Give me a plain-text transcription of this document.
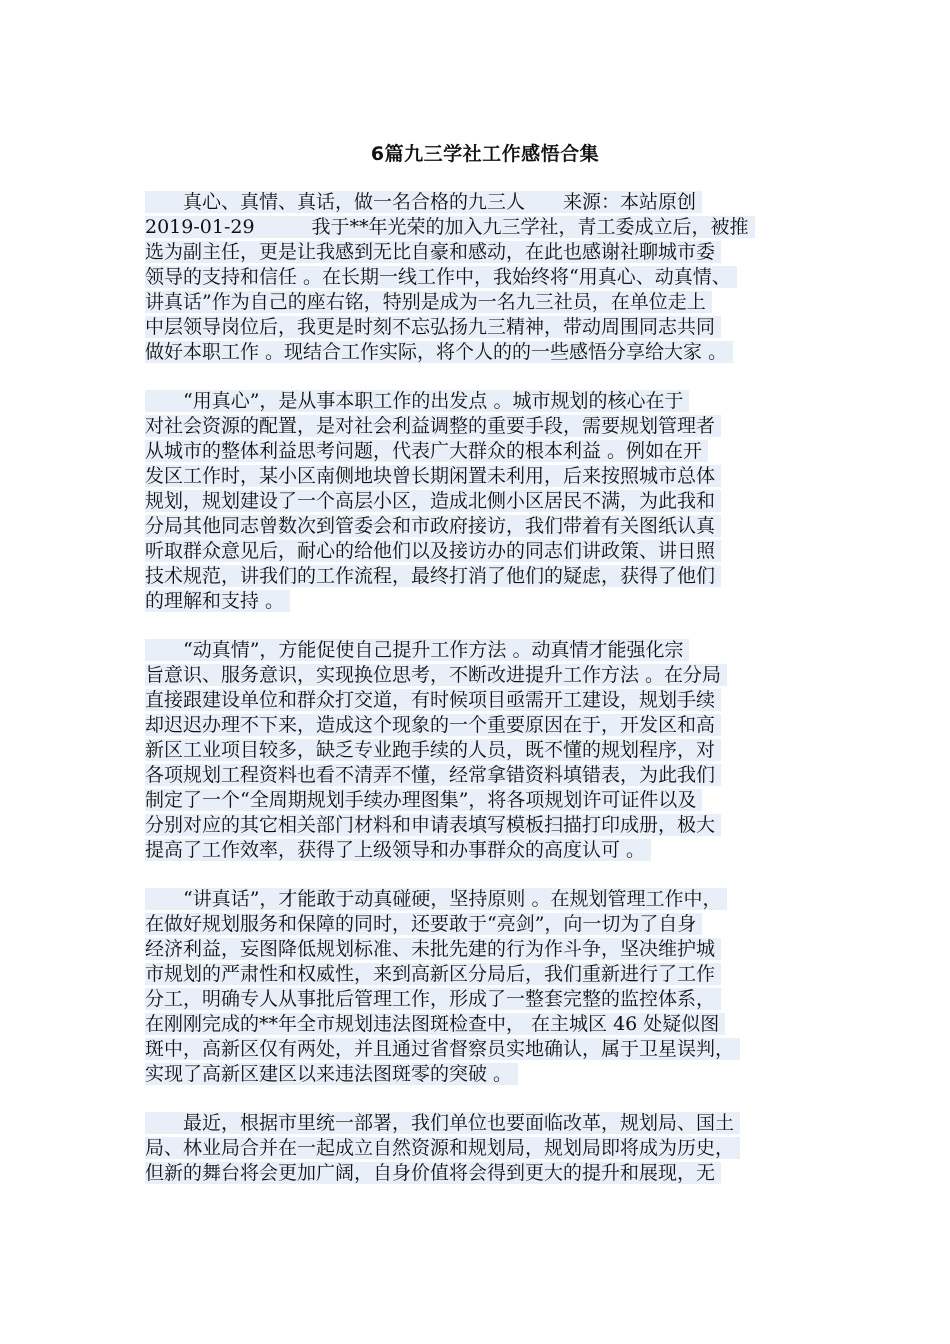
6篇九三学社工作感悟合集
　　真心、真情、真话，做一名合格的九三人　　来源：本站原创
2019-01-29　　　我于**年光荣的加入九三学社，青工委成立后，被推
选为副主任，更是让我感到无比自豪和感动，在此也感谢社聊城市委
领导的支持和信任 。在长期一线工作中，我始终将“用真心、动真情、
讲真话”作为自己的座右铭，特别是成为一名九三社员，在单位走上
中层领导岗位后，我更是时刻不忘弘扬九三精神，带动周围同志共同
做好本职工作 。现结合工作实际，将个人的的一些感悟分享给大家 。
　　“用真心”，是从事本职工作的出发点 。城市规划的核心在于
对社会资源的配置，是对社会利益调整的重要手段，需要规划管理者
从城市的整体利益思考问题，代表广大群众的根本利益 。例如在开
发区工作时，某小区南侧地块曾长期闲置未利用，后来按照城市总体
规划，规划建设了一个高层小区，造成北侧小区居民不满，为此我和
分局其他同志曾数次到管委会和市政府接访，我们带着有关图纸认真
听取群众意见后，耐心的给他们以及接访办的同志们讲政策、讲日照
技术规范，讲我们的工作流程，最终打消了他们的疑虑，获得了他们
的理解和支持 。
　　“动真情”，方能促使自己提升工作方法 。动真情才能强化宗
旨意识、服务意识，实现换位思考，不断改进提升工作方法 。在分局
直接跟建设单位和群众打交道，有时候项目亟需开工建设，规划手续
却迟迟办理不下来，造成这个现象的一个重要原因在于，开发区和高
新区工业项目较多，缺乏专业跑手续的人员，既不懂的规划程序，对
各项规划工程资料也看不清弄不懂，经常拿错资料填错表，为此我们
制定了一个“全周期规划手续办理图集”，将各项规划许可证件以及
分别对应的其它相关部门材料和申请表填写模板扫描打印成册，极大
提高了工作效率，获得了上级领导和办事群众的高度认可 。
　　“讲真话”，才能敢于动真碰硬，坚持原则 。在规划管理工作中，
在做好规划服务和保障的同时，还要敢于“亮剑”，向一切为了自身
经济利益，妄图降低规划标准、未批先建的行为作斗争，坚决维护城
市规划的严肃性和权威性，来到高新区分局后，我们重新进行了工作
分工，明确专人从事批后管理工作，形成了一整套完整的监控体系，
在刚刚完成的**年全市规划违法图斑检查中， 在主城区 46 处疑似图
斑中，高新区仅有两处，并且通过省督察员实地确认，属于卫星误判，
实现了高新区建区以来违法图斑零的突破 。
　　最近，根据市里统一部署，我们单位也要面临改革，规划局、国土
局、林业局合并在一起成立自然资源和规划局，规划局即将成为历史，
但新的舞台将会更加广阔，自身价值将会得到更大的提升和展现，无
